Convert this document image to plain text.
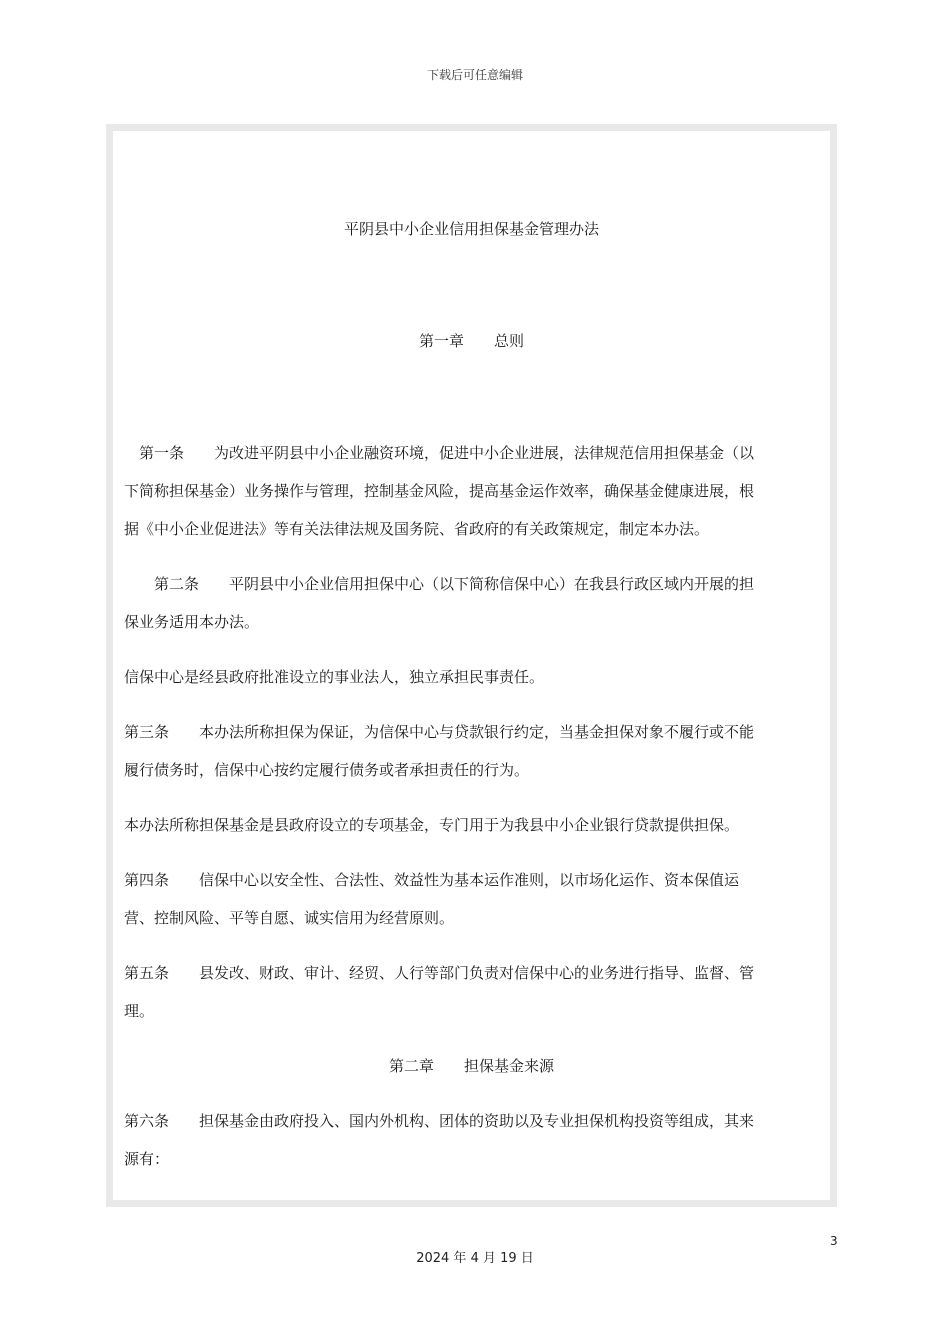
下载后可任意编辑
平阴县中小企业信用担保基金管理办法
第一章　　总则
　第一条　　为改进平阴县中小企业融资环境，促进中小企业进展，法律规范信用担保基金（以
下简称担保基金）业务操作与管理，控制基金风险，提高基金运作效率，确保基金健康进展，根
据《中小企业促进法》等有关法律法规及国务院、省政府的有关政策规定，制定本办法。
　　第二条　　平阴县中小企业信用担保中心（以下简称信保中心）在我县行政区域内开展的担
保业务适用本办法。
信保中心是经县政府批准设立的事业法人，独立承担民事责任。
第三条　　本办法所称担保为保证，为信保中心与贷款银行约定，当基金担保对象不履行或不能
履行债务时，信保中心按约定履行债务或者承担责任的行为。
本办法所称担保基金是县政府设立的专项基金，专门用于为我县中小企业银行贷款提供担保。
第四条　　信保中心以安全性、合法性、效益性为基本运作准则，以市场化运作、资本保值运
营、控制风险、平等自愿、诚实信用为经营原则。
第五条　　县发改、财政、审计、经贸、人行等部门负责对信保中心的业务进行指导、监督、管
理。
第二章　　担保基金来源
第六条　　担保基金由政府投入、国内外机构、团体的资助以及专业担保机构投资等组成，其来
源有：
3
2024 年 4 月 19 日
